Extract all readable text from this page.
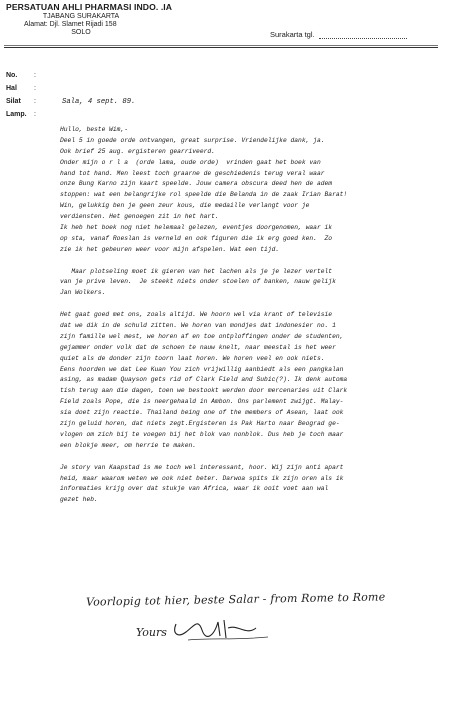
PERSATUAN AHLI PHARMASI INDO. .IA
TJABANG SURAKARTA
Alamat: Djl. Slamet Rijadi 158
SOLO	Surakarta tgl.
No.	:
Hal	:
Silat	:
Lamp.	:
Sala, 4 sept. 89.
Hullo, beste Wim,-
Deel 5 in goede orde ontvangen, great surprise. Vriendelijke dank, ja.
Ook brief 25 aug. ergisteren gearriveerd.
Onder mijn o r l a  (orde lama, oude orde)  vrinden gaat het boek van
hand tot hand. Men leest toch graarne de geschiedenis terug veral waar
onze Bung Karno zijn kaart speelde. Jouw camera obscura deed hen de adem
stoppen: wat een belangrijke rol speelde die Belanda in de zaak Irian Barat!
Win, gelukkig ben je geen zeur kous, die medaille verlangt voor je
verdiensten. Het genoegen zit in het hart.
Ik heb het boek nog niet helemaal gelezen, eventjes doorgenomen, waar ik
op sta, vanaf Roeslan is verneld en ook figuren die ik erg goed ken.  Zo
zie ik het gebeuren weer voor mijn afspelen. Wat een tijd.
Maar plotseling moet ik gieren van het lachen als je je lezer vertelt
van je prive leven.  Je steekt niets onder stoelen of banken, nauw gelijk
Jan Wolkers.
Het gaat goed met ons, zoals altijd. We hoorn wel via krant of televisie
dat we dik in de schuld zitten. We horen van mondjes dat indonesier no. 1
zijn famille wel mest, we horen af en toe ontploffingen onder de studenten,
gejammer onder volk dat de schoen te nauw knelt, naar meestal is het weer
quiet als de donder zijn toorn laat horen. We horen veel en ook niets.
Eens hoorden we dat Lee Kuan You zich vrijwillig aanbiedt als een pangkalan
asing, as madam Quayson gets rid of Clark Field and Subic(?). Ik denk automa
tish terug aan die dagen, toen we bestookt werden door mercenaries uit Clark
Field zoals Pope, die is neergehaald in Ambon. Ons parlement zwijgt. Malay-
sia doet zijn reactie. Thailand being one of the members of Asean, laat ook
zijn geluid horen, dat niets zegt.Ergisteren is Pak Harto naar Beograd ge-
vlogen om zich bij te voegen bij het blok van nonblok. Dus heb je toch maar
een blokje meer, om herrie te maken.
Je story van Kaapstad is me toch wel interessant, hoor. Wij zijn anti apart
heid, maar waarom weten we ook niet beter. Darwoa spits ik zijn oren als ik
informaties krijg over dat stukje van Africa, waar ik ooit voet aan wal
gezet heb.
Voorlopig tot hier, beste Salar - from Rome to Rome
Yours
